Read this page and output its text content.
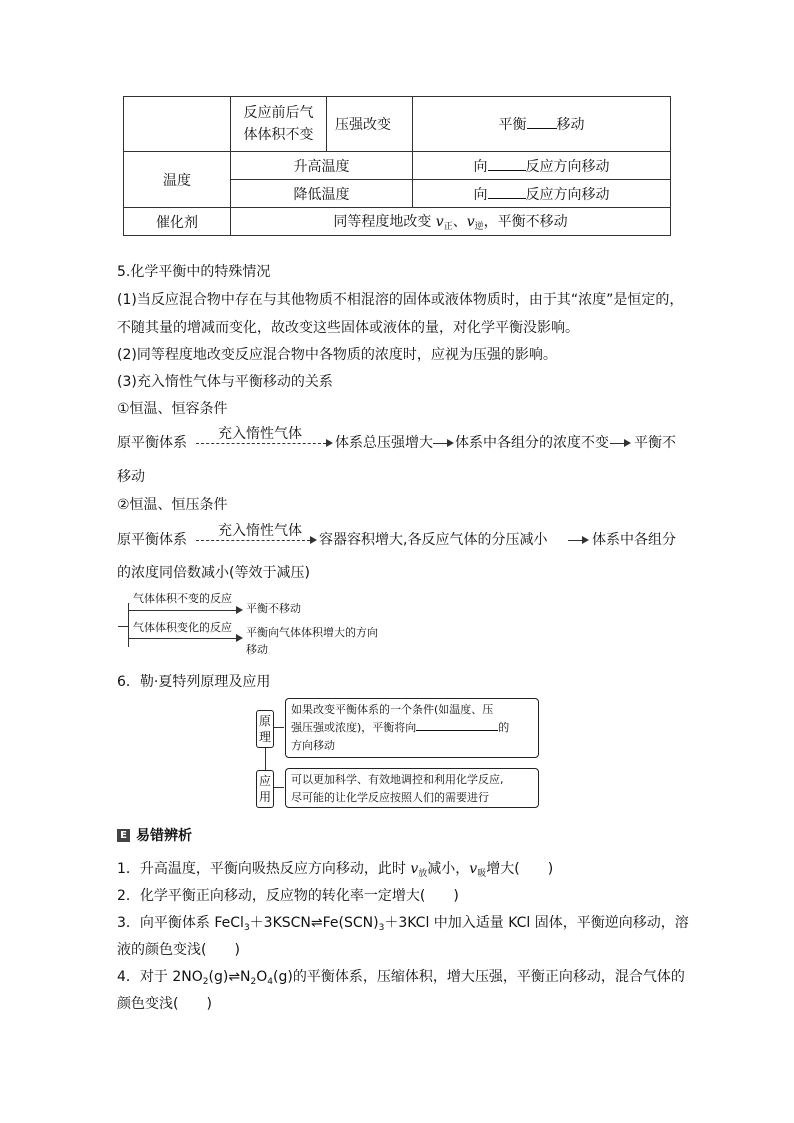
	反应前后气
体体积不变	压强改变	平衡 移动
温度	升高温度		向 反应方向移动
	降低温度		向 反应方向移动
催化剂	同等程度地改变 $v_正$、$v_逆$，平衡不移动		
5.化学平衡中的特殊情况
(1)当反应混合物中存在与其他物质不相混溶的固体或液体物质时，由于其“浓度”是恒定的，
不随其量的增减而变化，故改变这些固体或液体的量，对化学平衡没影响。
(2)同等程度地改变反应混合物中各物质的浓度时，应视为压强的影响。
(3)充入惰性气体与平衡移动的关系
①恒温、恒容条件
原平衡体系
充入惰性气体
体系总压强增大 体系中各组分的浓度不变 平衡不
移动
②恒温、恒压条件
原平衡体系
充入惰性气体
容器容积增大,各反应气体的分压减小	体系中各组分
的浓度同倍数减小(等效于减压)
气体体积不变的反应
气体体积变化的反应
平衡不移动
平衡向气体体积增大的方向
移动
6．勒·夏特列原理及应用
原理
如果改变平衡体系的一个条件(如温度、压
强压强或浓度)，平衡将向	的
方向移动
应用
可以更加科学、有效地调控和利用化学反应,
尽可能的让化学反应按照人们的需要进行
E 易错辨析
1．升高温度，平衡向吸热反应方向移动，此时 $v_放$减小，$v_吸$增大(　　)
2．化学平衡正向移动，反应物的转化率一定增大(　　)
3．向平衡体系 $FeCl_3+3KSCN\rightleftharpoons Fe(SCN)_3+3KCl$ 中加入适量 KCl 固体，平衡逆向移动，溶
液的颜色变浅(　　)
4．对于 $2NO_2(g)\rightleftharpoons N_2O_4(g)$的平衡体系，压缩体积，增大压强，平衡正向移动，混合气体的
颜色变浅(　　)
